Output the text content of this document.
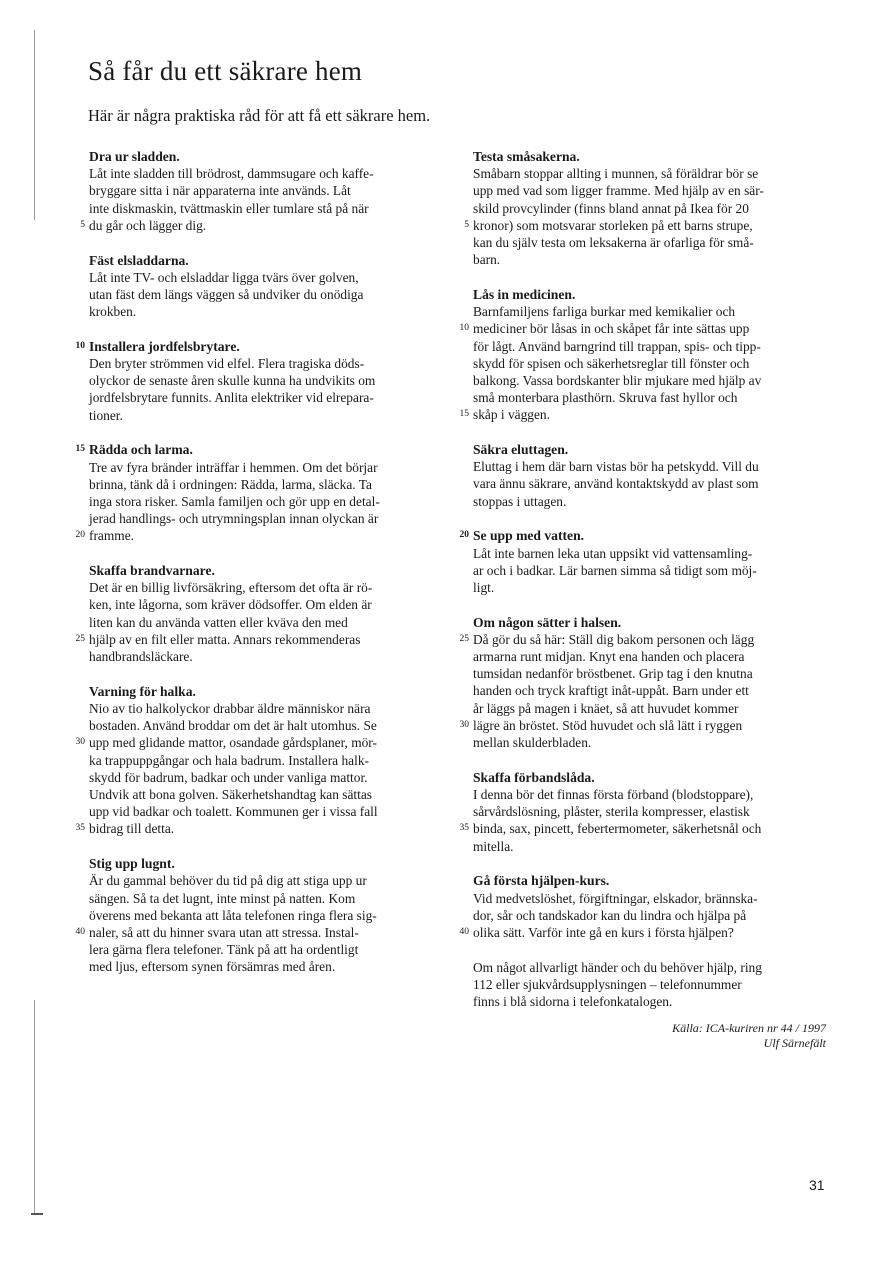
Så får du ett säkrare hem
Här är några praktiska råd för att få ett säkrare hem.
Dra ur sladden.
Låt inte sladden till brödrost, dammsugare och kaffe-
bryggare sitta i när apparaterna inte används. Låt
inte diskmaskin, tvättmaskin eller tumlare stå på när
5 du går och lägger dig.
Fäst elsladdarna.
Låt inte TV- och elsladdar ligga tvärs över golven,
utan fäst dem längs väggen så undviker du onödiga
krokben.
10 Installera jordfelsbrytare.
Den bryter strömmen vid elfel. Flera tragiska döds-
olyckor de senaste åren skulle kunna ha undvikits om
jordfelsbrytare funnits. Anlita elektriker vid elrepara-
tioner.
15 Rädda och larma.
Tre av fyra bränder inträffar i hemmen. Om det börjar
brinna, tänk då i ordningen: Rädda, larma, släcka. Ta
inga stora risker. Samla familjen och gör upp en detal-
jerad handlings- och utrymningsplan innan olyckan är
20 framme.
Skaffa brandvarnare.
Det är en billig livförsäkring, eftersom det ofta är rö-
ken, inte lågorna, som kräver dödsoffer. Om elden är
liten kan du använda vatten eller kväva den med
25 hjälp av en filt eller matta. Annars rekommenderas
handbrandsläckare.
Varning för halka.
Nio av tio halkolyckor drabbar äldre människor nära
bostaden. Använd broddar om det är halt utomhus. Se
30 upp med glidande mattor, osandade gårdsplaner, mör-
ka trappuppgångar och hala badrum. Installera halk-
skydd för badrum, badkar och under vanliga mattor.
Undvik att bona golven. Säkerhetshandtag kan sättas
upp vid badkar och toalett. Kommunen ger i vissa fall
35 bidrag till detta.
Stig upp lugnt.
Är du gammal behöver du tid på dig att stiga upp ur
sängen. Så ta det lugnt, inte minst på natten. Kom
överens med bekanta att låta telefonen ringa flera sig-
40 naler, så att du hinner svara utan att stressa. Instal-
lera gärna flera telefoner. Tänk på att ha ordentligt
med ljus, eftersom synen försämras med åren.
Testa småsakerna.
Småbarn stoppar allting i munnen, så föräldrar bör se
upp med vad som ligger framme. Med hjälp av en sär-
skild provcylinder (finns bland annat på Ikea för 20
5 kronor) som motsvarar storleken på ett barns strupe,
kan du själv testa om leksakerna är ofarliga för små-
barn.
Lås in medicinen.
Barnfamiljens farliga burkar med kemikalier och
10 mediciner bör låsas in och skåpet får inte sättas upp
för lågt. Använd barngrind till trappan, spis- och tipp-
skydd för spisen och säkerhetsreglar till fönster och
balkong. Vassa bordskanter blir mjukare med hjälp av
små monterbara plasthörn. Skruva fast hyllor och
15 skåp i väggen.
Säkra eluttagen.
Eluttag i hem där barn vistas bör ha petskydd. Vill du
vara ännu säkrare, använd kontaktskydd av plast som
stoppas i uttagen.
20 Se upp med vatten.
Låt inte barnen leka utan uppsikt vid vattensamling-
ar och i badkar. Lär barnen simma så tidigt som möj-
ligt.
Om någon sätter i halsen.
25 Då gör du så här: Ställ dig bakom personen och lägg
armarna runt midjan. Knyt ena handen och placera
tumsidan nedanför bröstbenet. Grip tag i den knutna
handen och tryck kraftigt inåt-uppåt. Barn under ett
år läggs på magen i knäet, så att huvudet kommer
30 lägre än bröstet. Stöd huvudet och slå lätt i ryggen
mellan skulderbladen.
Skaffa förbandslåda.
I denna bör det finnas första förband (blodstoppare),
sårvårdslösning, plåster, sterila kompresser, elastisk
35 binda, sax, pincett, febertermometer, säkerhetsnål och
mitella.
Gå första hjälpen-kurs.
Vid medvetslöshet, förgiftningar, elskador, brännska-
dor, sår och tandskador kan du lindra och hjälpa på
40 olika sätt. Varför inte gå en kurs i första hjälpen?
Om något allvarligt händer och du behöver hjälp, ring
112 eller sjukvårdsupplysningen – telefonnummer
finns i blå sidorna i telefonkatalogen.
Källa: ICA-kuriren nr 44 / 1997
Ulf Särnefält
31
